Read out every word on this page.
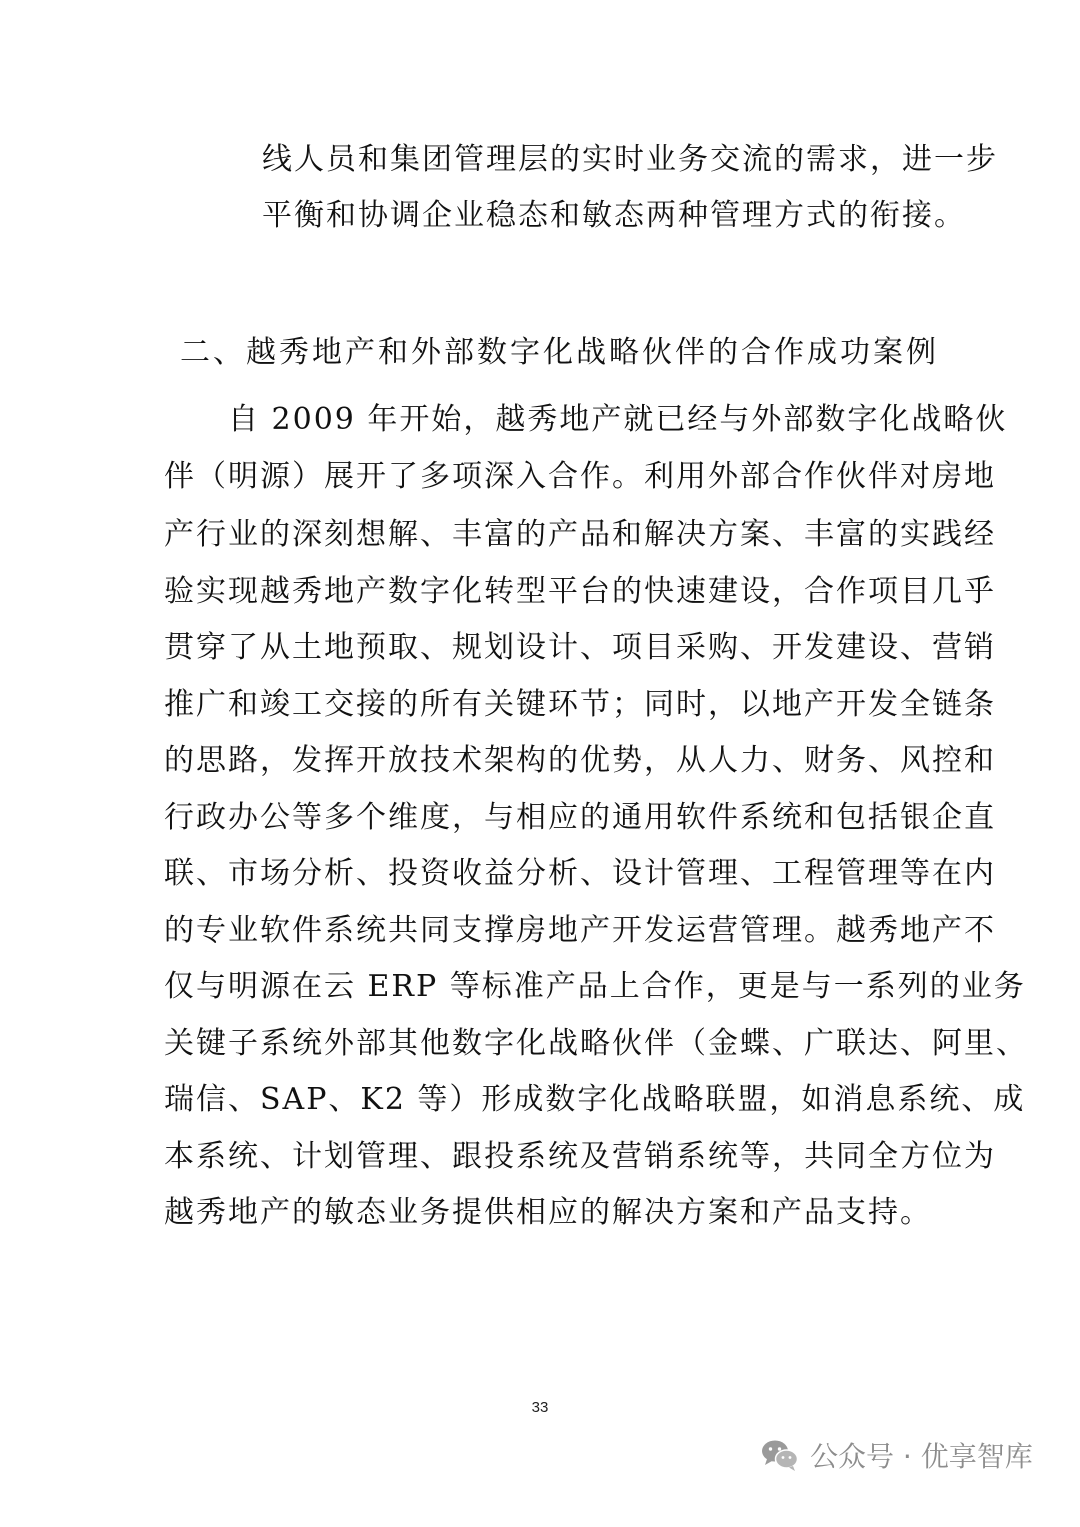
线人员和集团管理层的实时业务交流的需求，进一步
平衡和协调企业稳态和敏态两种管理方式的衔接。
二、越秀地产和外部数字化战略伙伴的合作成功案例
自 2009 年开始，越秀地产就已经与外部数字化战略伙
伴（明源）展开了多项深入合作。利用外部合作伙伴对房地
产行业的深刻想解、丰富的产品和解决方案、丰富的实践经
验实现越秀地产数字化转型平台的快速建设，合作项目几乎
贯穿了从土地预取、规划设计、项目采购、开发建设、营销
推广和竣工交接的所有关键环节；同时，以地产开发全链条
的思路，发挥开放技术架构的优势，从人力、财务、风控和
行政办公等多个维度，与相应的通用软件系统和包括银企直
联、市场分析、投资收益分析、设计管理、工程管理等在内
的专业软件系统共同支撑房地产开发运营管理。越秀地产不
仅与明源在云 ERP 等标准产品上合作，更是与一系列的业务
关键子系统外部其他数字化战略伙伴（金蝶、广联达、阿里、
瑞信、SAP、K2 等）形成数字化战略联盟，如消息系统、成
本系统、计划管理、跟投系统及营销系统等，共同全方位为
越秀地产的敏态业务提供相应的解决方案和产品支持。
33
公众号 · 优享智库
